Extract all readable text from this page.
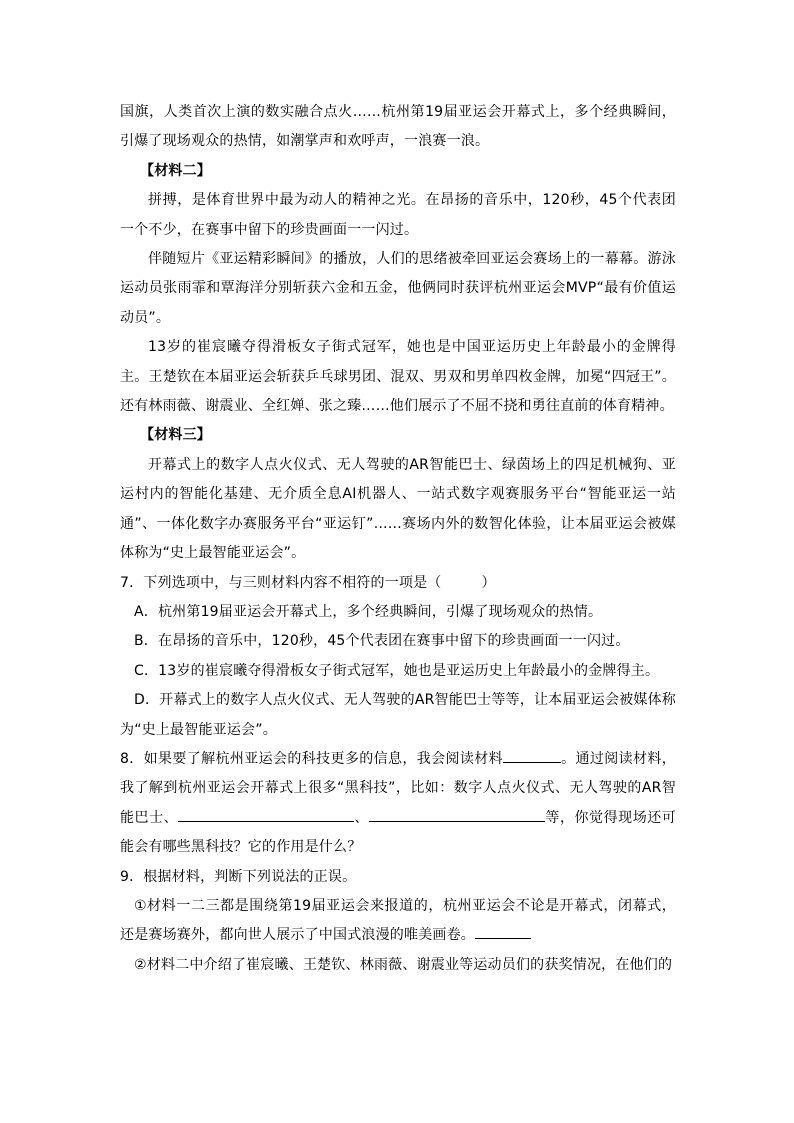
国旗，人类首次上演的数实融合点火……杭州第19届亚运会开幕式上，多个经典瞬间，引爆了现场观众的热情，如潮掌声和欢呼声，一浪赛一浪。

【材料二】

拼搏，是体育世界中最为动人的精神之光。在昂扬的音乐中，120秒，45个代表团一个不少，在赛事中留下的珍贵画面一一闪过。

伴随短片《亚运精彩瞬间》的播放，人们的思绪被牵回亚运会赛场上的一幕幕。游泳运动员张雨霏和覃海洋分别斩获六金和五金，他俩同时获评杭州亚运会MVP“最有价值运动员”。

13岁的崔宸曦夺得滑板女子街式冠军，她也是中国亚运历史上年龄最小的金牌得主。王楚钦在本届亚运会斩获乒乓球男团、混双、男双和男单四枚金牌，加冕“四冠王”。还有林雨薇、谢震业、全红婵、张之臻……他们展示了不屈不挠和勇往直前的体育精神。

【材料三】

开幕式上的数字人点火仪式、无人驾驶的AR智能巴士、绿茵场上的四足机械狗、亚运村内的智能化基建、无介质全息AI机器人、一站式数字观赛服务平台“智能亚运一站通”、一体化数字办赛服务平台“亚运钉”……赛场内外的数智化体验，让本届亚运会被媒体称为“史上最智能亚运会”。

7．下列选项中，与三则材料内容不相符的一项是（	）

A．杭州第19届亚运会开幕式上，多个经典瞬间，引爆了现场观众的热情。

B．在昂扬的音乐中，120秒，45个代表团在赛事中留下的珍贵画面一一闪过。

C．13岁的崔宸曦夺得滑板女子街式冠军，她也是亚运历史上年龄最小的金牌得主。

D．开幕式上的数字人点火仪式、无人驾驶的AR智能巴士等等，让本届亚运会被媒体称为“史上最智能亚运会”。

8．如果要了解杭州亚运会的科技更多的信息，我会阅读材料	。通过阅读材料，我了解到杭州亚运会开幕式上很多“黑科技”，比如：数字人点火仪式、无人驾驶的AR智能巴士、	、	等，你觉得现场还可能会有哪些黑科技？它的作用是什么？

9．根据材料，判断下列说法的正误。

①材料一二三都是围绕第19届亚运会来报道的，杭州亚运会不论是开幕式，闭幕式，还是赛场赛外，都向世人展示了中国式浪漫的唯美画卷。

②材料二中介绍了崔宸曦、王楚钦、林雨薇、谢震业等运动员们的获奖情况，在他们的
